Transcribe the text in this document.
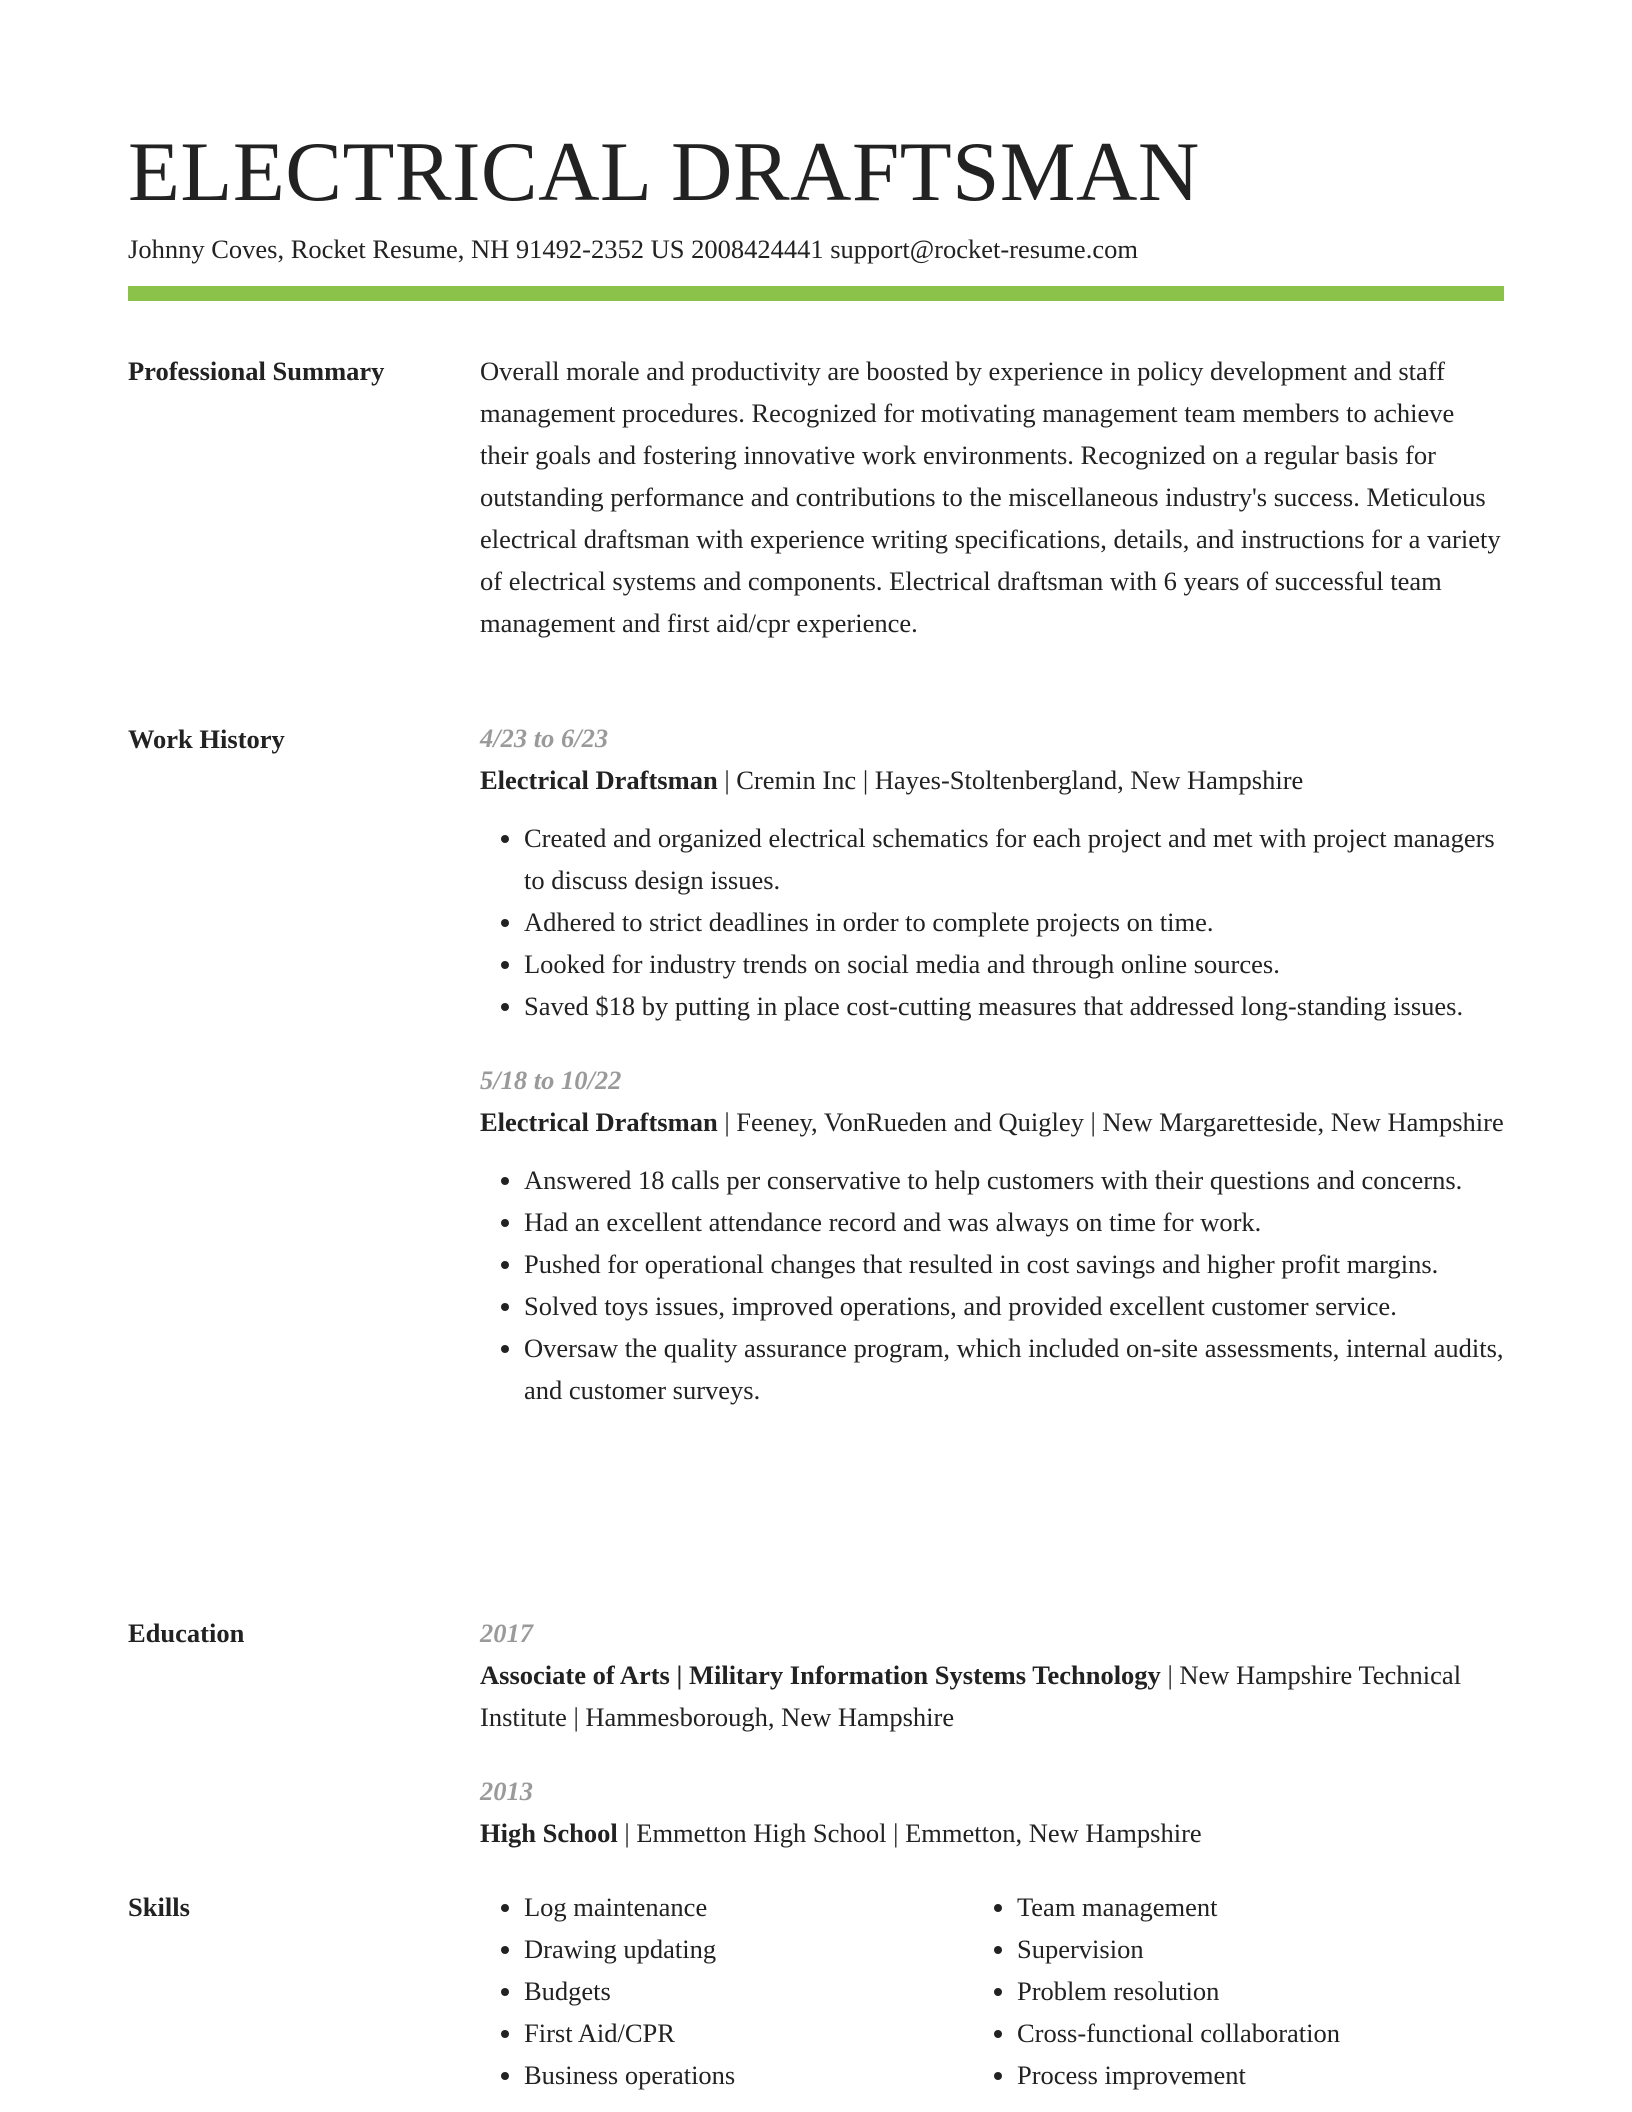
ELECTRICAL DRAFTSMAN
Johnny Coves, Rocket Resume, NH 91492-2352 US 2008424441 support@rocket-resume.com
Professional Summary	Overall morale and productivity are boosted by experience in policy development and staff management procedures. Recognized for motivating management team members to achieve their goals and fostering innovative work environments. Recognized on a regular basis for outstanding performance and contributions to the miscellaneous industry's success. Meticulous electrical draftsman with experience writing specifications, details, and instructions for a variety of electrical systems and components. Electrical draftsman with 6 years of successful team management and first aid/cpr experience.

Work History	4/23 to 6/23

Electrical Draftsman | Cremin Inc | Hayes-Stoltenbergland, New Hampshire

• Created and organized electrical schematics for each project and met with project managers to discuss design issues.
• Adhered to strict deadlines in order to complete projects on time.
• Looked for industry trends on social media and through online sources.
• Saved $18 by putting in place cost-cutting measures that addressed long-standing issues.

5/18 to 10/22

Electrical Draftsman | Feeney, VonRueden and Quigley | New Margaretteside, New Hampshire

• Answered 18 calls per conservative to help customers with their questions and concerns.
• Had an excellent attendance record and was always on time for work.
• Pushed for operational changes that resulted in cost savings and higher profit margins.
• Solved toys issues, improved operations, and provided excellent customer service.
• Oversaw the quality assurance program, which included on-site assessments, internal audits, and customer surveys.
Education	2017

Associate of Arts | Military Information Systems Technology | New Hampshire Technical Institute | Hammesborough, New Hampshire

2013

High School | Emmetton High School | Emmetton, New Hampshire

Skills
•	Log maintenance
• Drawing updating
• Budgets
• First Aid/CPR
• Business operations
• Team management
• Supervision
• Problem resolution
• Cross-functional collaboration
• Process improvement
